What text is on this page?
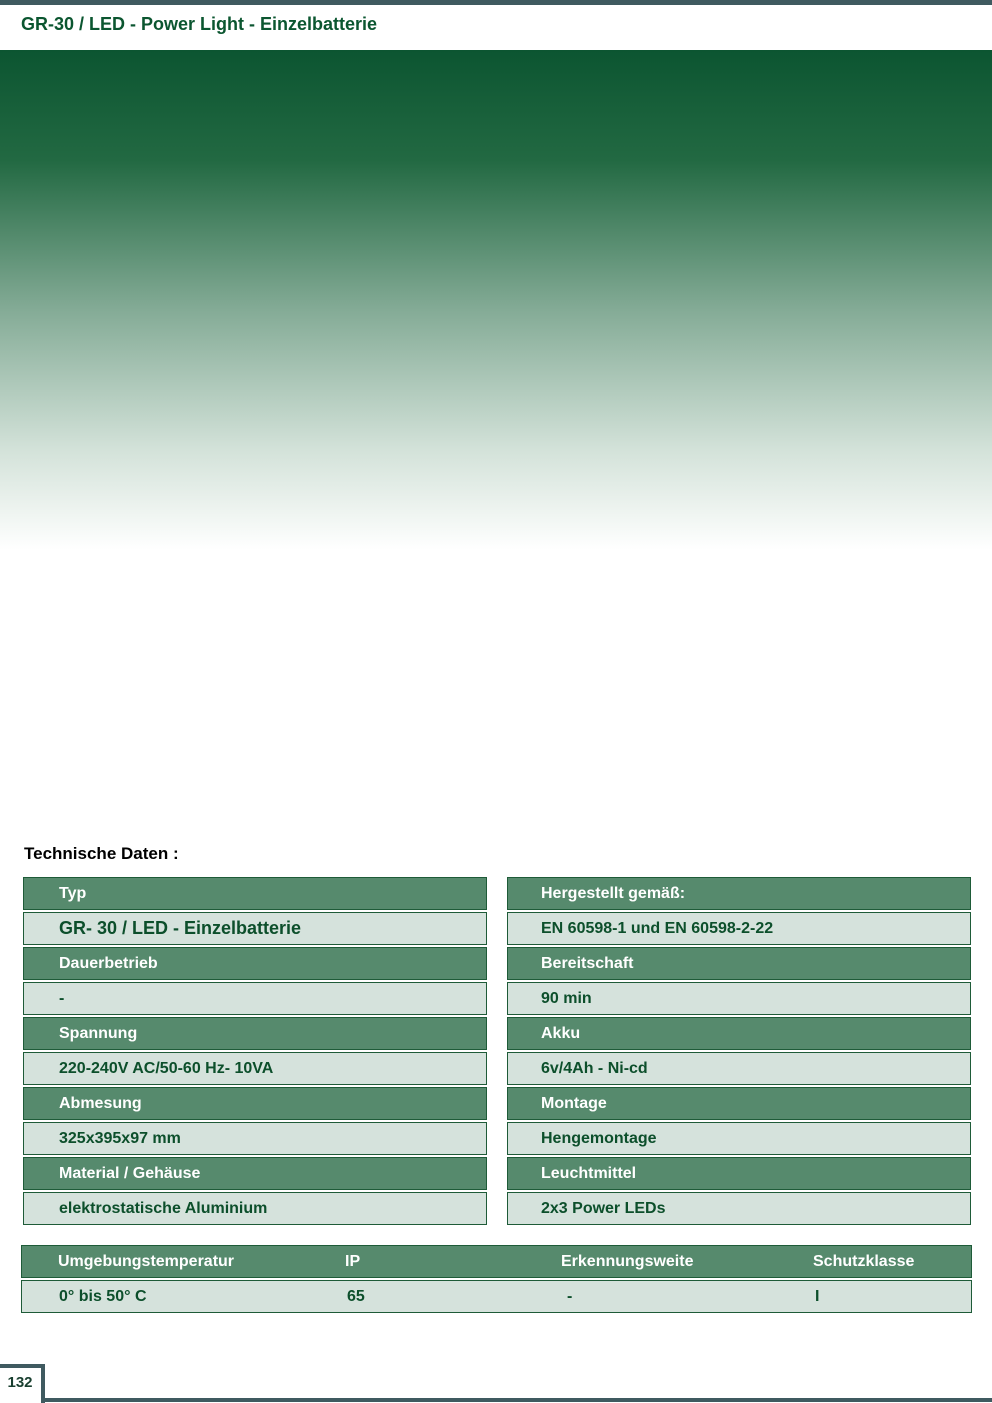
GR-30 / LED - Power Light - Einzelbatterie
Technische Daten :
Typ
GR- 30 / LED - Einzelbatterie
Dauerbetrieb
-
Spannung
220-240V AC/50-60 Hz- 10VA
Abmesung
325x395x97 mm
Material / Gehäuse
elektrostatische Aluminium
Hergestellt gemäß:
EN 60598-1 und EN 60598-2-22
Bereitschaft
90 min
Akku
6v/4Ah - Ni-cd
Montage
Hengemontage
Leuchtmittel
2x3 Power LEDs
Umgebungstemperatur	IP	Erkennungsweite	Schutzklasse
0° bis 50° C	65	-	I
132
